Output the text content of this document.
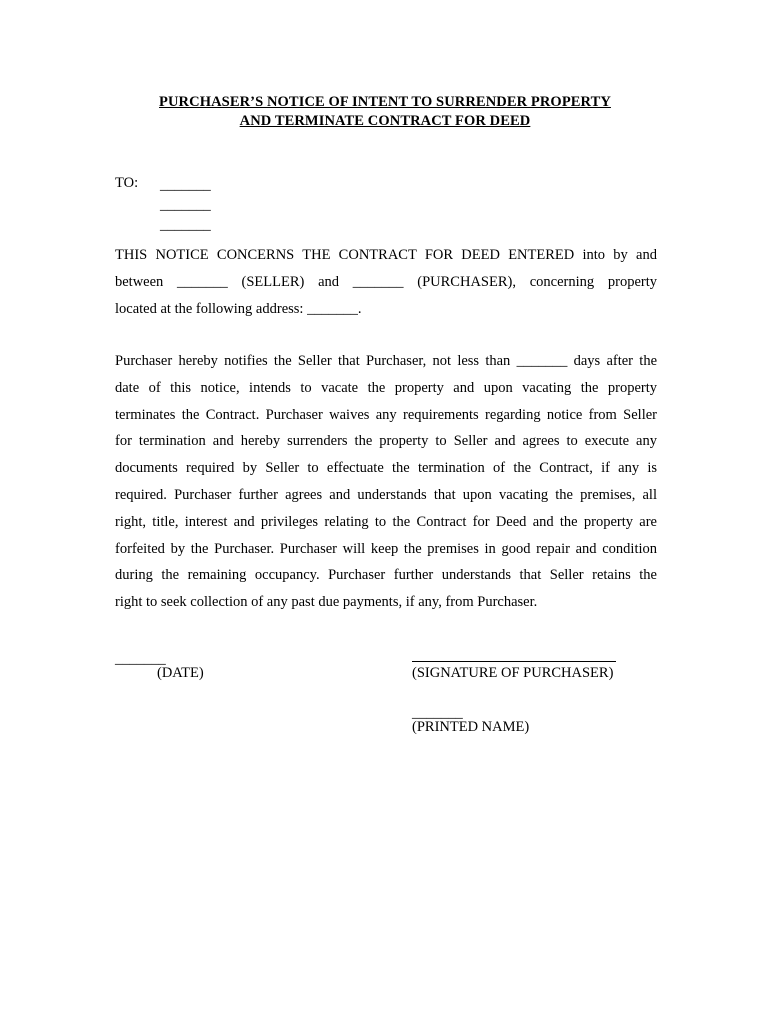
PURCHASER’S NOTICE OF INTENT TO SURRENDER PROPERTY
AND TERMINATE CONTRACT FOR DEED
TO: _______
_______
_______
THIS NOTICE CONCERNS THE CONTRACT FOR DEED ENTERED into by and
between _______ (SELLER) and _______ (PURCHASER), concerning property
located at the following address: _______.
Purchaser hereby notifies the Seller that Purchaser, not less than _______ days after the
date of this notice, intends to vacate the property and upon vacating the property
terminates the Contract. Purchaser waives any requirements regarding notice from Seller
for termination and hereby surrenders the property to Seller and agrees to execute any
documents required by Seller to effectuate the termination of the Contract, if any is
required. Purchaser further agrees and understands that upon vacating the premises, all
right, title, interest and privileges relating to the Contract for Deed and the property are
forfeited by the Purchaser. Purchaser will keep the premises in good repair and condition
during the remaining occupancy. Purchaser further understands that Seller retains the
right to seek collection of any past due payments, if any, from Purchaser.
_______
(DATE)	(SIGNATURE OF PURCHASER)
_______
(PRINTED NAME)
